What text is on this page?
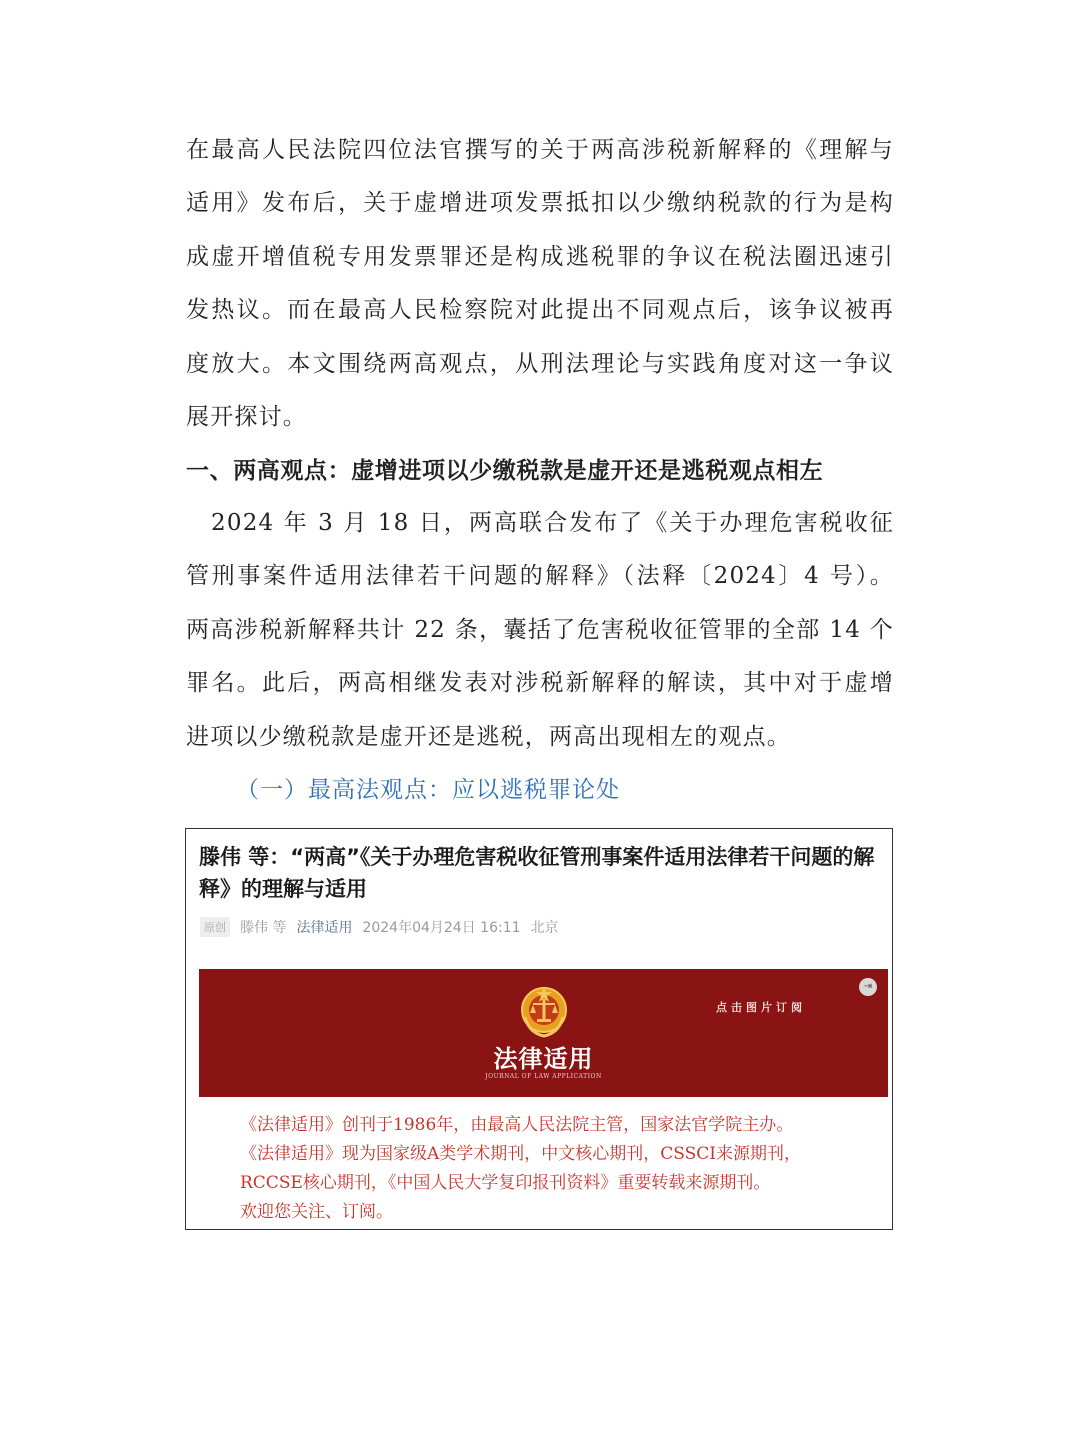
在最高人民法院四位法官撰写的关于两高涉税新解释的《理解与
适用》发布后，关于虚增进项发票抵扣以少缴纳税款的行为是构
成虚开增值税专用发票罪还是构成逃税罪的争议在税法圈迅速引
发热议。而在最高人民检察院对此提出不同观点后，该争议被再
度放大。本文围绕两高观点，从刑法理论与实践角度对这一争议
展开探讨。
一、两高观点：虚增进项以少缴税款是虚开还是逃税观点相左
　2024 年 3 月 18 日，两高联合发布了《关于办理危害税收征
管刑事案件适用法律若干问题的解释》（法释〔2024〕4 号）。
两高涉税新解释共计 22 条，囊括了危害税收征管罪的全部 14 个
罪名。此后，两高相继发表对涉税新解释的解读，其中对于虚增
进项以少缴税款是虚开还是逃税，两高出现相左的观点。
（一）最高法观点：应以逃税罪论处
滕伟 等：“两高”《关于办理危害税收征管刑事案件适用法律若干问题的解释》的理解与适用
原创 滕伟 等 法律适用 2024年04月24日 16:11 北京
法律适用
JOURNAL OF LAW APPLICATION
点击图片订阅
⇥
《法律适用》创刊于1986年，由最高人民法院主管，国家法官学院主办。
《法律适用》现为国家级A类学术期刊，中文核心期刊，CSSCI来源期刊，
RCCSE核心期刊，《中国人民大学复印报刊资料》重要转载来源期刊。
欢迎您关注、订阅。
